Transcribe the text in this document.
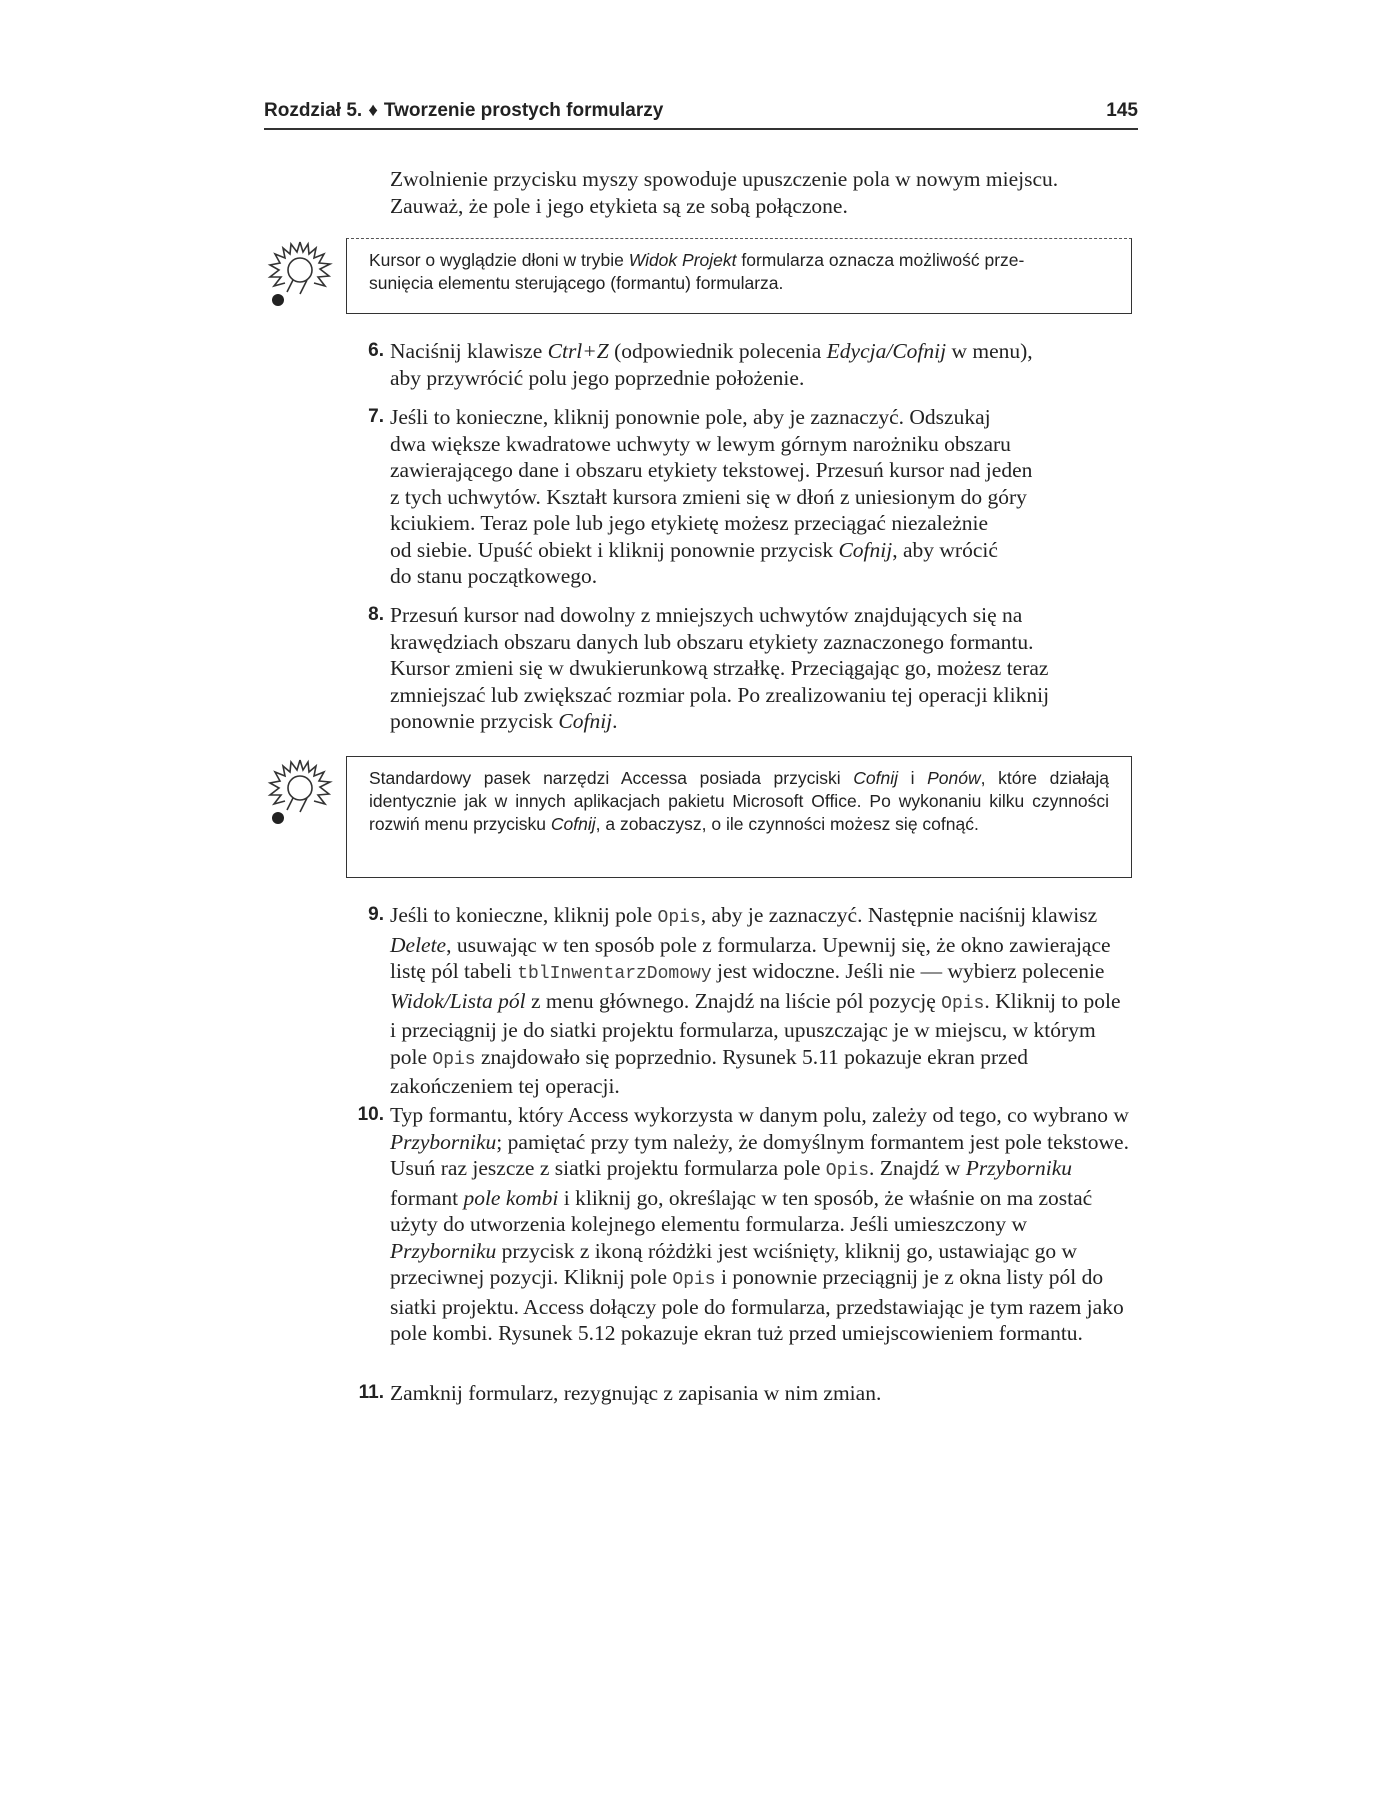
Rozdział 5. ♦ Tworzenie prostych formularzy	145

Zwolnienie przycisku myszy spowoduje upuszczenie pola w nowym miejscu.

Zauważ, że pole i jego etykieta są ze sobą połączone.

Kursor o wyglądzie dłoni w trybie Widok Projekt formularza oznacza możliwość prze-
sunięcia elementu sterującego (formantu) formularza.
6. Naciśnij klawisze Ctrl+Z (odpowiednik polecenia Edycja/Cofnij w menu),

aby przywrócić polu jego poprzednie położenie.

7. Jeśli to konieczne, kliknij ponownie pole, aby je zaznaczyć. Odszukaj

dwa większe kwadratowe uchwyty w lewym górnym narożniku obszaru

zawierającego dane i obszaru etykiety tekstowej. Przesuń kursor nad jeden

z tych uchwytów. Kształt kursora zmieni się w dłoń z uniesionym do góry

kciukiem. Teraz pole lub jego etykietę możesz przeciągać niezależnie

od siebie. Upuść obiekt i kliknij ponownie przycisk Cofnij, aby wrócić

do stanu początkowego.

8. Przesuń kursor nad dowolny z mniejszych uchwytów znajdujących się na

krawędziach obszaru danych lub obszaru etykiety zaznaczonego formantu.

Kursor zmieni się w dwukierunkową strzałkę. Przeciągając go, możesz teraz

zmniejszać lub zwiększać rozmiar pola. Po zrealizowaniu tej operacji kliknij

ponownie przycisk Cofnij.

Standardowy pasek narzędzi Accessa posiada przyciski Cofnij i Ponów, które działają identycznie jak w innych aplikacjach pakietu Microsoft Office. Po wykonaniu kilku czynności rozwiń menu przycisku Cofnij, a zobaczysz, o ile czynności możesz się cofnąć.
9. Jeśli to konieczne, kliknij pole Opis, aby je zaznaczyć. Następnie naciśnij klawisz Delete, usuwając w ten sposób pole z formularza. Upewnij się, że okno zawierające listę pól tabeli tblInwentarzDomowy jest widoczne. Jeśli nie — wybierz polecenie Widok/Lista pól z menu głównego. Znajdź na liście pól pozycję Opis. Kliknij to pole i przeciągnij je do siatki projektu formularza, upuszczając je w miejscu, w którym pole Opis znajdowało się poprzednio. Rysunek 5.11 pokazuje ekran przed zakończeniem tej operacji.

10. Typ formantu, który Access wykorzysta w danym polu, zależy od tego, co wybrano w Przyborniku; pamiętać przy tym należy, że domyślnym formantem jest pole tekstowe. Usuń raz jeszcze z siatki projektu formularza pole Opis. Znajdź w Przyborniku formant pole kombi i kliknij go, określając w ten sposób, że właśnie on ma zostać użyty do utworzenia kolejnego elementu formularza. Jeśli umieszczony w Przyborniku przycisk z ikoną różdżki jest wciśnięty, kliknij go, ustawiając go w przeciwnej pozycji. Kliknij pole Opis i ponownie przeciągnij je z okna listy pól do siatki projektu. Access dołączy pole do formularza, przedstawiając je tym razem jako pole kombi. Rysunek 5.12 pokazuje ekran tuż przed umiejscowieniem formantu.

11. Zamknij formularz, rezygnując z zapisania w nim zmian.
